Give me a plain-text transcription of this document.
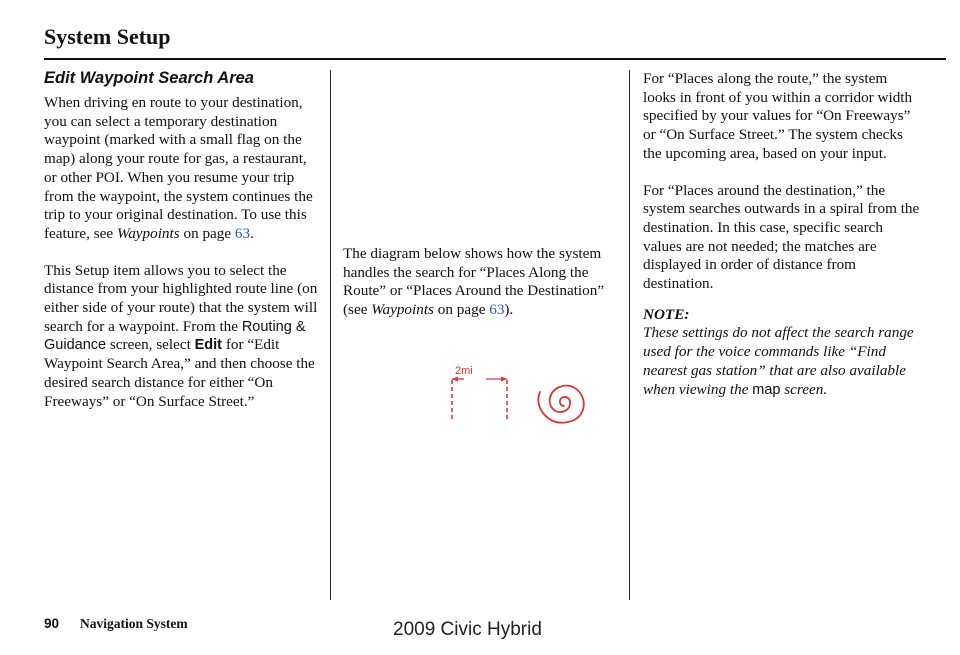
System Setup
Edit Waypoint Search Area

When driving en route to your destination, you can select a temporary destination waypoint (marked with a small flag on the map) along your route for gas, a restaurant, or other POI. When you resume your trip from the waypoint, the system continues the trip to your original destination. To use this feature, see Waypoints on page 63.

This Setup item allows you to select the distance from your highlighted route line (on either side of your route) that the system will search for a waypoint. From the Routing & Guidance screen, select Edit for “Edit Waypoint Search Area,” and then choose the desired search distance for either “On Freeways” or “On Surface Street.”

The diagram below shows how the system handles the search for “Places Along the Route” or “Places Around the Destination” (see Waypoints on page 63).

2mi

For “Places along the route,” the system looks in front of you within a corridor width specified by your values for “On Freeways” or “On Surface Street.” The system checks the upcoming area, based on your input.

For “Places around the destination,” the system searches outwards in a spiral from the destination. In this case, specific search values are not needed; the matches are displayed in order of distance from destination.

NOTE:

These settings do not affect the search range used for the voice commands like “Find nearest gas station” that are also available when viewing the map screen.

90 Navigation System	2009 Civic Hybrid
